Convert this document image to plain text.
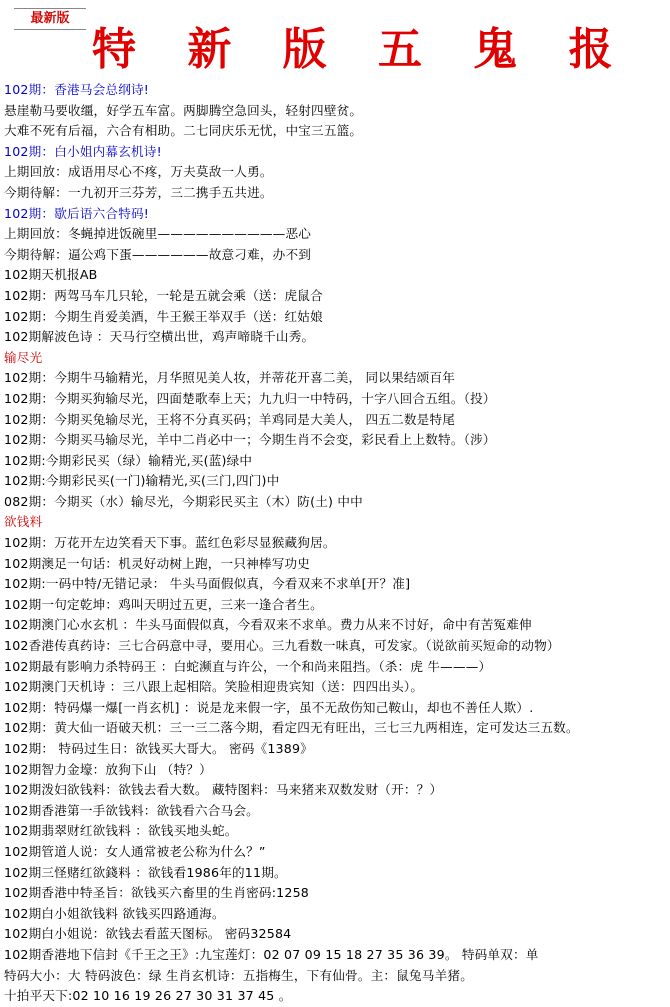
最新版
特 新 版 五 鬼 报
102期：香港马会总纲诗!
悬崖勒马要收缰，好学五车富。两脚腾空急回头，轻射四壁贫。
大难不死有后福，六合有相助。二七同庆乐无忧，中宝三五篮。
102期：白小姐内幕玄机诗!
上期回放：成语用尽心不疼，万夫莫敌一人勇。
今期待解：一九初开三芬芳，三二携手五共进。
102期：歇后语六合特码!
上期回放：冬蝇掉进饭碗里——————————恶心
今期待解：逼公鸡下蛋——————故意刁难，办不到
102期天机报AB
102期：两驾马车几只轮，一轮是五就会乘（送：虎鼠合
102期：今期生肖爱美酒，牛王猴王举双手（送：红姑娘
102期解波色诗 ：天马行空横出世，鸡声啼晓千山秀。
输尽光
102期：今期牛马输精光，月华照见美人妆，并蒂花开喜二美， 同以果结颂百年
102期：今期买狗输尽光，四面楚歌奉上天；九九归一中特码，十字八回合五组。（投）
102期：今期买兔输尽光，王将不分真买码；羊鸡同是大美人， 四五二数是特尾
102期：今期买马输尽光，羊中二肖必中一；今期生肖不会变，彩民看上上数特。（涉）
102期:今期彩民买（绿）输精光,买(蓝)绿中
102期:今期彩民买(一门)输精光,买(三门,四门)中
082期：今期买（水）输尽光，今期彩民买主（木）防(土) 中中
欲钱料
102期：万花开左边笑看天下事。蓝红色彩尽显猴藏狗居。
102期澳足一句话：机灵好动树上跑，一只神棒写功史
102期:一码中特/无错记录： 牛头马面假似真，今看双来不求单[开？准]
102期一句定乾坤：鸡叫天明过五更，三来一逢合者生。
102期澳门心水玄机 ：牛头马面假似真，今看双来不求单。费力从来不讨好，命中有苦冤难伸
102香港传真药诗：三七合码意中寻，要用心。三九看数一味真，可发家。（说欲前买短命的动物）
102期最有影响力杀特码王 ：白蛇濒直与许公，一个和尚来阻挡。（杀：虎 牛———）
102期澳门天机诗 ：三八跟上起相陪。笑脸相迎贵宾知（送：四四出头）。
102期：特码爆一爆[一肖玄机] ：说是龙来假一字，虽不无敌伤知己鞍山，却也不善任人欺）.
102期：黄大仙一语破天机：三一三二落今期，看定四无有旺出，三七三九两相连，定可发达三五数。
102期： 特码过生日：欲钱买大哥大。 密码《1389》
102期智力金壕：放狗下山 （特？）
102期泼妇欲钱料：欲钱去看大数。 藏特图料：马来猪来双数发财（开：？）
102期香港第一手欲钱料：欲钱看六合马会。
102期翡翠财红欲钱料 ：欲钱买地头蛇。
102期管道人说：女人通常被老公称为什么？”
102期三怪赌红欲錢料 ：欲钱看1986年的11期。
102期香港中特圣旨：欲钱买六畜里的生肖密码:1258
102期白小姐欲钱料 欲钱买四路通海。
102期白小姐说：欲钱去看蓝天图标。 密码32584
102期香港地下信封《千王之王》:九宝莲灯：02 07 09 15 18 27 35 36 39。 特码单双：单
特码大小：大 特码波色：绿 生肖玄机诗：五指梅生，下有仙骨。主：鼠兔马羊猪。
十拍平天下:02 10 16 19 26 27 30 31 37 45 。
